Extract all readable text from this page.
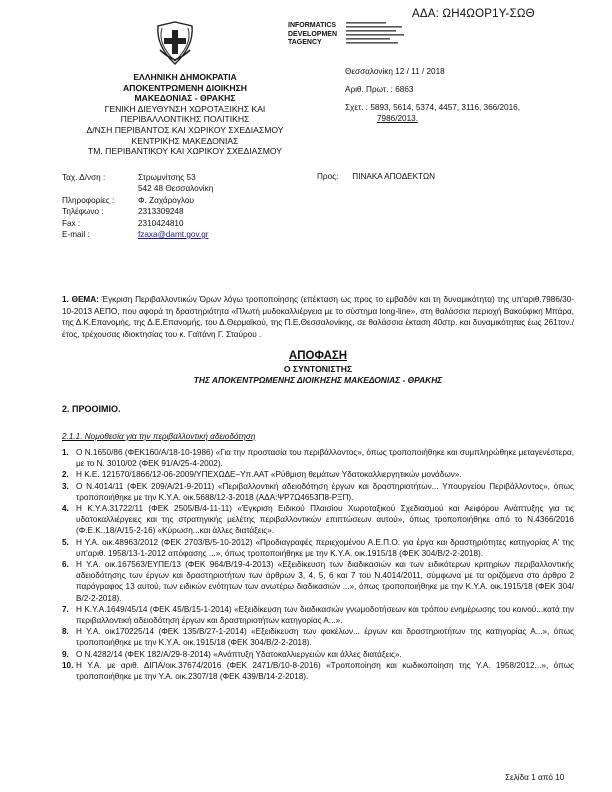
ΑΔΑ: ΩΗ4ΩΟΡ1Υ-ΣΩΘ
INFORMATICS DEVELOPMEN TAGENCY
ΕΛΛΗΝΙΚΗ ΔΗΜΟΚΡΑΤΙΑ
ΑΠΟΚΕΝΤΡΩΜΕΝΗ ΔΙΟΙΚΗΣΗ
ΜΑΚΕΔΟΝΙΑΣ - ΘΡΑΚΗΣ
ΓΕΝΙΚΗ ΔΙΕΥΘΥΝΣΗ ΧΩΡΟΤΑΞΙΚΗΣ ΚΑΙ
ΠΕΡΙΒΑΛΛΟΝΤΙΚΗΣ ΠΟΛΙΤΙΚΗΣ
Δ/ΝΣΗ ΠΕΡΙΒΑΝΤΟΣ ΚΑΙ ΧΩΡΙΚΟΥ ΣΧΕΔΙΑΣΜΟΥ
ΚΕΝΤΡΙΚΗΣ ΜΑΚΕΔΟΝΙΑΣ
ΤΜ. ΠΕΡΙΒΑΝΤΙΚΟΥ ΚΑΙ ΧΩΡΙΚΟΥ ΣΧΕΔΙΑΣΜΟΥ
Θεσσαλονίκη 12 / 11 / 2018
Αριθ. Πρωτ. : 6863
Σχετ. : 5893, 5614, 5374, 4457, 3116, 366/2016,
7986/2013.
Ταχ. Δ/νση :	Στρωμνίτσης 53
542 48 Θεσσαλονίκη
Πληροφορίες :	Φ. Ζαχάρογλου
Τηλέφωνο :	2313309248
Fax :	2310424810
E-mail :	fzaxa@damt.gov.gr
Προς: ΠΙΝΑΚΑ ΑΠΟΔΕΚΤΩΝ
1. ΘΕΜΑ: Έγκριση Περιβαλλοντικών Όρων λόγω τροποποίησης (επέκταση ως προς το εμβαδόν και τη δυναμικότητα) της υπ'αριθ.7986/30-10-2013 ΑΕΠΟ, που αφορά τη δραστηριότητα «Πλωτή μυδοκαλλιέργεια με το σύστημα long-line», στη θαλάσσια περιοχή Βακούφικη Μπάρα, της Δ.Κ.Επανομής, της Δ.Ε.Επανομής, του Δ.Θερμαϊκού, της Π.Ε.Θεσσαλονίκης, σε θαλάσσια έκταση 40στρ. και δυναμικότητας έως 261τον./έτος, τρέχουσας ιδιοκτησίας του κ. Γαϊτάνη Γ. Σταύρου .
ΑΠΟΦΑΣΗ
Ο ΣΥΝΤΟΝΙΣΤΗΣ
ΤΗΣ ΑΠΟΚΕΝΤΡΩΜΕΝΗΣ ΔΙΟΙΚΗΣΗΣ ΜΑΚΕΔΟΝΙΑΣ - ΘΡΑΚΗΣ
2. ΠΡΟΟΙΜΙΟ.
2.1.1. Νομοθεσία για την περιβαλλοντική αδειοδότηση
1. Ο Ν.1650/86 (ΦΕΚ160/Α/18-10-1986) «Για την προστασία του περιβάλλοντος», όπως τροποποιήθηκε και συμπληρώθηκε μεταγενέστερα, με το Ν. 3010/02 (ΦΕΚ 91/Α/25-4-2002).
2. Η Κ.Ε. 121570/1866/12-06-2009/ΥΠΕΧΩΔΕ–Υπ.ΑΑΤ «Ρύθμιση θεμάτων Υδατοκαλλιεργητικών μονάδων».
3. Ο Ν.4014/11 (ΦΕΚ 209/Α/21-9-2011) «Περιβαλλοντική αδειοδότηση έργων και δραστηριοτήτων... Υπουργείου Περιβάλλοντος», όπως τροποποιήθηκε με την Κ.Υ.Α. οικ.5688/12-3-2018 (ΑΔΑ:ΨΡ7Ω4653Π8-ΡΞΠ).
4. Η Κ.Υ.Α.31722/11 (ΦΕΚ 2505/Β/4-11-11) «Έγκριση Ειδικού Πλαισίου Χωροταξικού Σχεδιασμού και Αειφόρου Ανάπτυξης για τις υδατοκαλλιέργειες και της στρατηγικής μελέτης περιβαλλοντικών επιπτώσεων αυτού», όπως τροποποιήθηκε από το Ν.4366/2016 (Φ.Ε.Κ..18/Α/15-2-16) «Κύρωση...και άλλες διατάξεις».
5. Η Υ.Α. οικ.48963/2012 (ΦΕΚ 2703/Β/5-10-2012) «Προδιαγραφές περιεχομένου Α.Ε.Π.Ο. για έργα και δραστηριότητες κατηγορίας Α' της υπ'αριθ. 1958/13-1-2012 απόφασης ...», όπως τροποποιήθηκε με την Κ.Υ.Α. οικ.1915/18 (ΦΕΚ 304/Β/2-2-2018).
6. Η Υ.Α. οικ.167563/ΕΥΠΕ/13 (ΦΕΚ 964/Β/19-4-2013) «Εξειδίκευση των διαδικασιών και των ειδικότερων κριτηρίων περιβαλλοντικής αδειοδότησης των έργων και δραστηριοτήτων των άρθρων 3, 4, 5, 6 και 7 του Ν.4014/2011, σύμφωνα με τα οριζόμενα στο άρθρο 2 παράγραφος 13 αυτού, των ειδικών ενότητων των ανωτέρω διαδικασιών ...», όπως τροποποιήθηκε με την Κ.Υ.Α. οικ.1915/18 (ΦΕΚ 304/Β/2-2-2018).
7. Η Κ.Υ.Α.1649/45/14 (ΦΕΚ 45/Β/15-1-2014) «Εξειδίκευση των διαδικασιών γνωμοδοτήσεων και τρόπου ενημέρωσης του κοινού...κατά την περιβαλλοντική αδειοδότηση έργων και δραστηριοτήτων κατηγορίας Α...».
8. Η Υ.Α. οικ170225/14 (ΦΕΚ 135/Β/27-1-2014) «Εξειδίκευση των φακέλων... έργων και δραστηριοτήτων της κατηγορίας Α...», όπως τροποποιήθηκε με την Κ.Υ.Α. οικ.1915/18 (ΦΕΚ 304/Β/2-2-2018).
9. Ο Ν.4282/14 (ΦΕΚ 182/Α/29-8-2014) «Ανάπτυξη Υδατοκαλλιεργειών και άλλες διατάξεις».
10. Η Υ.Α. με αριθ. ΔΙΠΑ/οικ.37674/2016 (ΦΕΚ 2471/Β/10-8-2016) «Τροποποίηση και κωδικοποίηση της Υ.Α. 1958/2012...», όπως τροποποιήθηκε με την Υ.Α. οικ.2307/18 (ΦΕΚ 439/Β/14-2-2018).
Σελίδα 1 από 10
